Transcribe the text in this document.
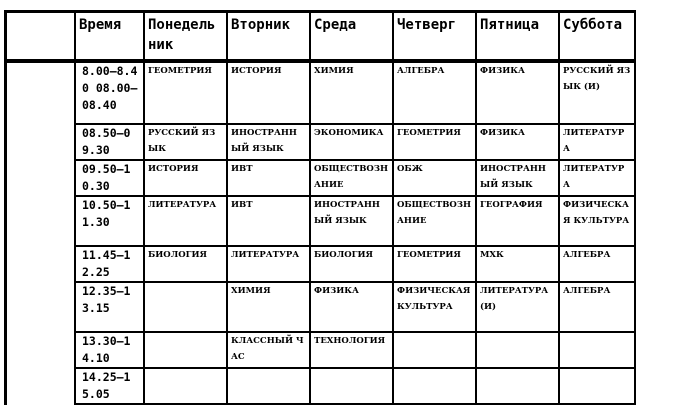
	Время	Понедельник	Вторник	Среда	Четверг	Пятница	Суббота
	8.00–8.40 08.00–08.40	ГЕОМЕТРИЯ	ИСТОРИЯ	ХИМИЯ	АЛГЕБРА	ФИЗИКА	РУССКИЙ ЯЗЫК (И)
	08.50–09.30	РУССКИЙ ЯЗЫК	ИНОСТРАННЫЙ ЯЗЫК	ЭКОНОМИКА	ГЕОМЕТРИЯ	ФИЗИКА	ЛИТЕРАТУРА
	09.50–10.30	ИСТОРИЯ	ИВТ	ОБЩЕСТВОЗНАНИЕ	ОБЖ	ИНОСТРАННЫЙ ЯЗЫК	ЛИТЕРАТУРА
	10.50–11.30	ЛИТЕРАТУРА	ИВТ	ИНОСТРАННЫЙ ЯЗЫК	ОБЩЕСТВОЗНАНИЕ	ГЕОГРАФИЯ	ФИЗИЧЕСКАЯ КУЛЬТУРА
	11.45–12.25	БИОЛОГИЯ	ЛИТЕРАТУРА	БИОЛОГИЯ	ГЕОМЕТРИЯ	МХК	АЛГЕБРА
	12.35–13.15		ХИМИЯ	ФИЗИКА	ФИЗИЧЕСКАЯ КУЛЬТУРА	ЛИТЕРАТУРА (И)	АЛГЕБРА
	13.30–14.10		КЛАССНЫЙ ЧАС	ТЕХНОЛОГИЯ			
	14.25–15.05						
